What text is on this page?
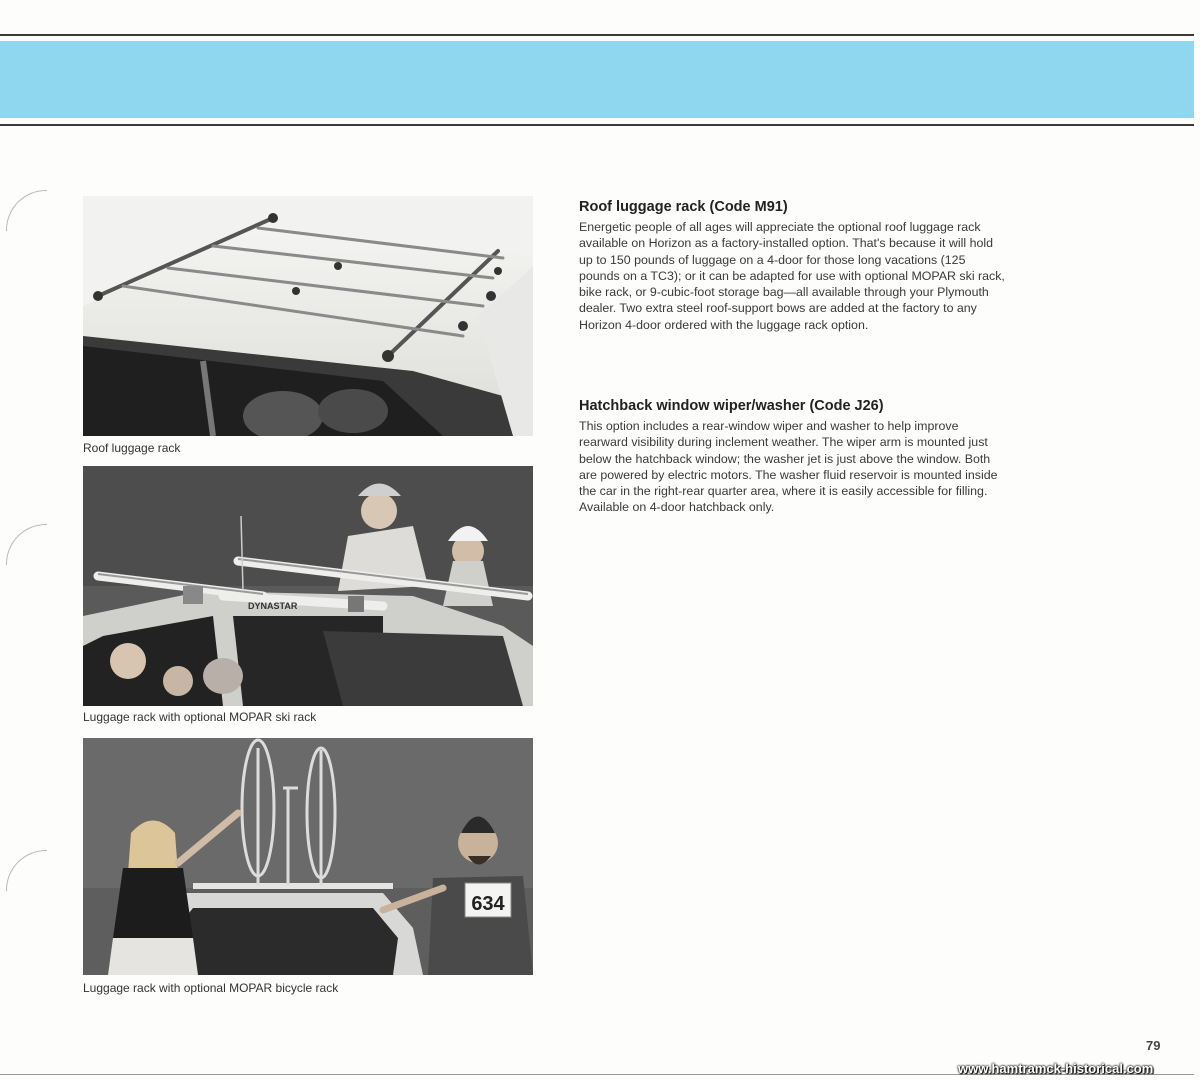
Roof luggage rack
DYNASTAR
Luggage rack with optional MOPAR ski rack
634
Luggage rack with optional MOPAR bicycle rack
Roof luggage rack (Code M91)

Energetic people of all ages will appreciate the optional roof luggage rack available on Horizon as a factory-installed option. That's because it will hold up to 150 pounds of luggage on a 4-door for those long vacations (125 pounds on a TC3); or it can be adapted for use with optional MOPAR ski rack, bike rack, or 9-cubic-foot storage bag—all available through your Plymouth dealer. Two extra steel roof-support bows are added at the factory to any Horizon 4-door ordered with the luggage rack option.

Hatchback window wiper/washer (Code J26)

This option includes a rear-window wiper and washer to help improve rearward visibility during inclement weather. The wiper arm is mounted just below the hatchback window; the washer jet is just above the window. Both are powered by electric motors. The washer fluid reservoir is mounted inside the car in the right-rear quarter area, where it is easily accessible for filling. Available on 4-door hatchback only.

79
www.hamtramck-historical.com
